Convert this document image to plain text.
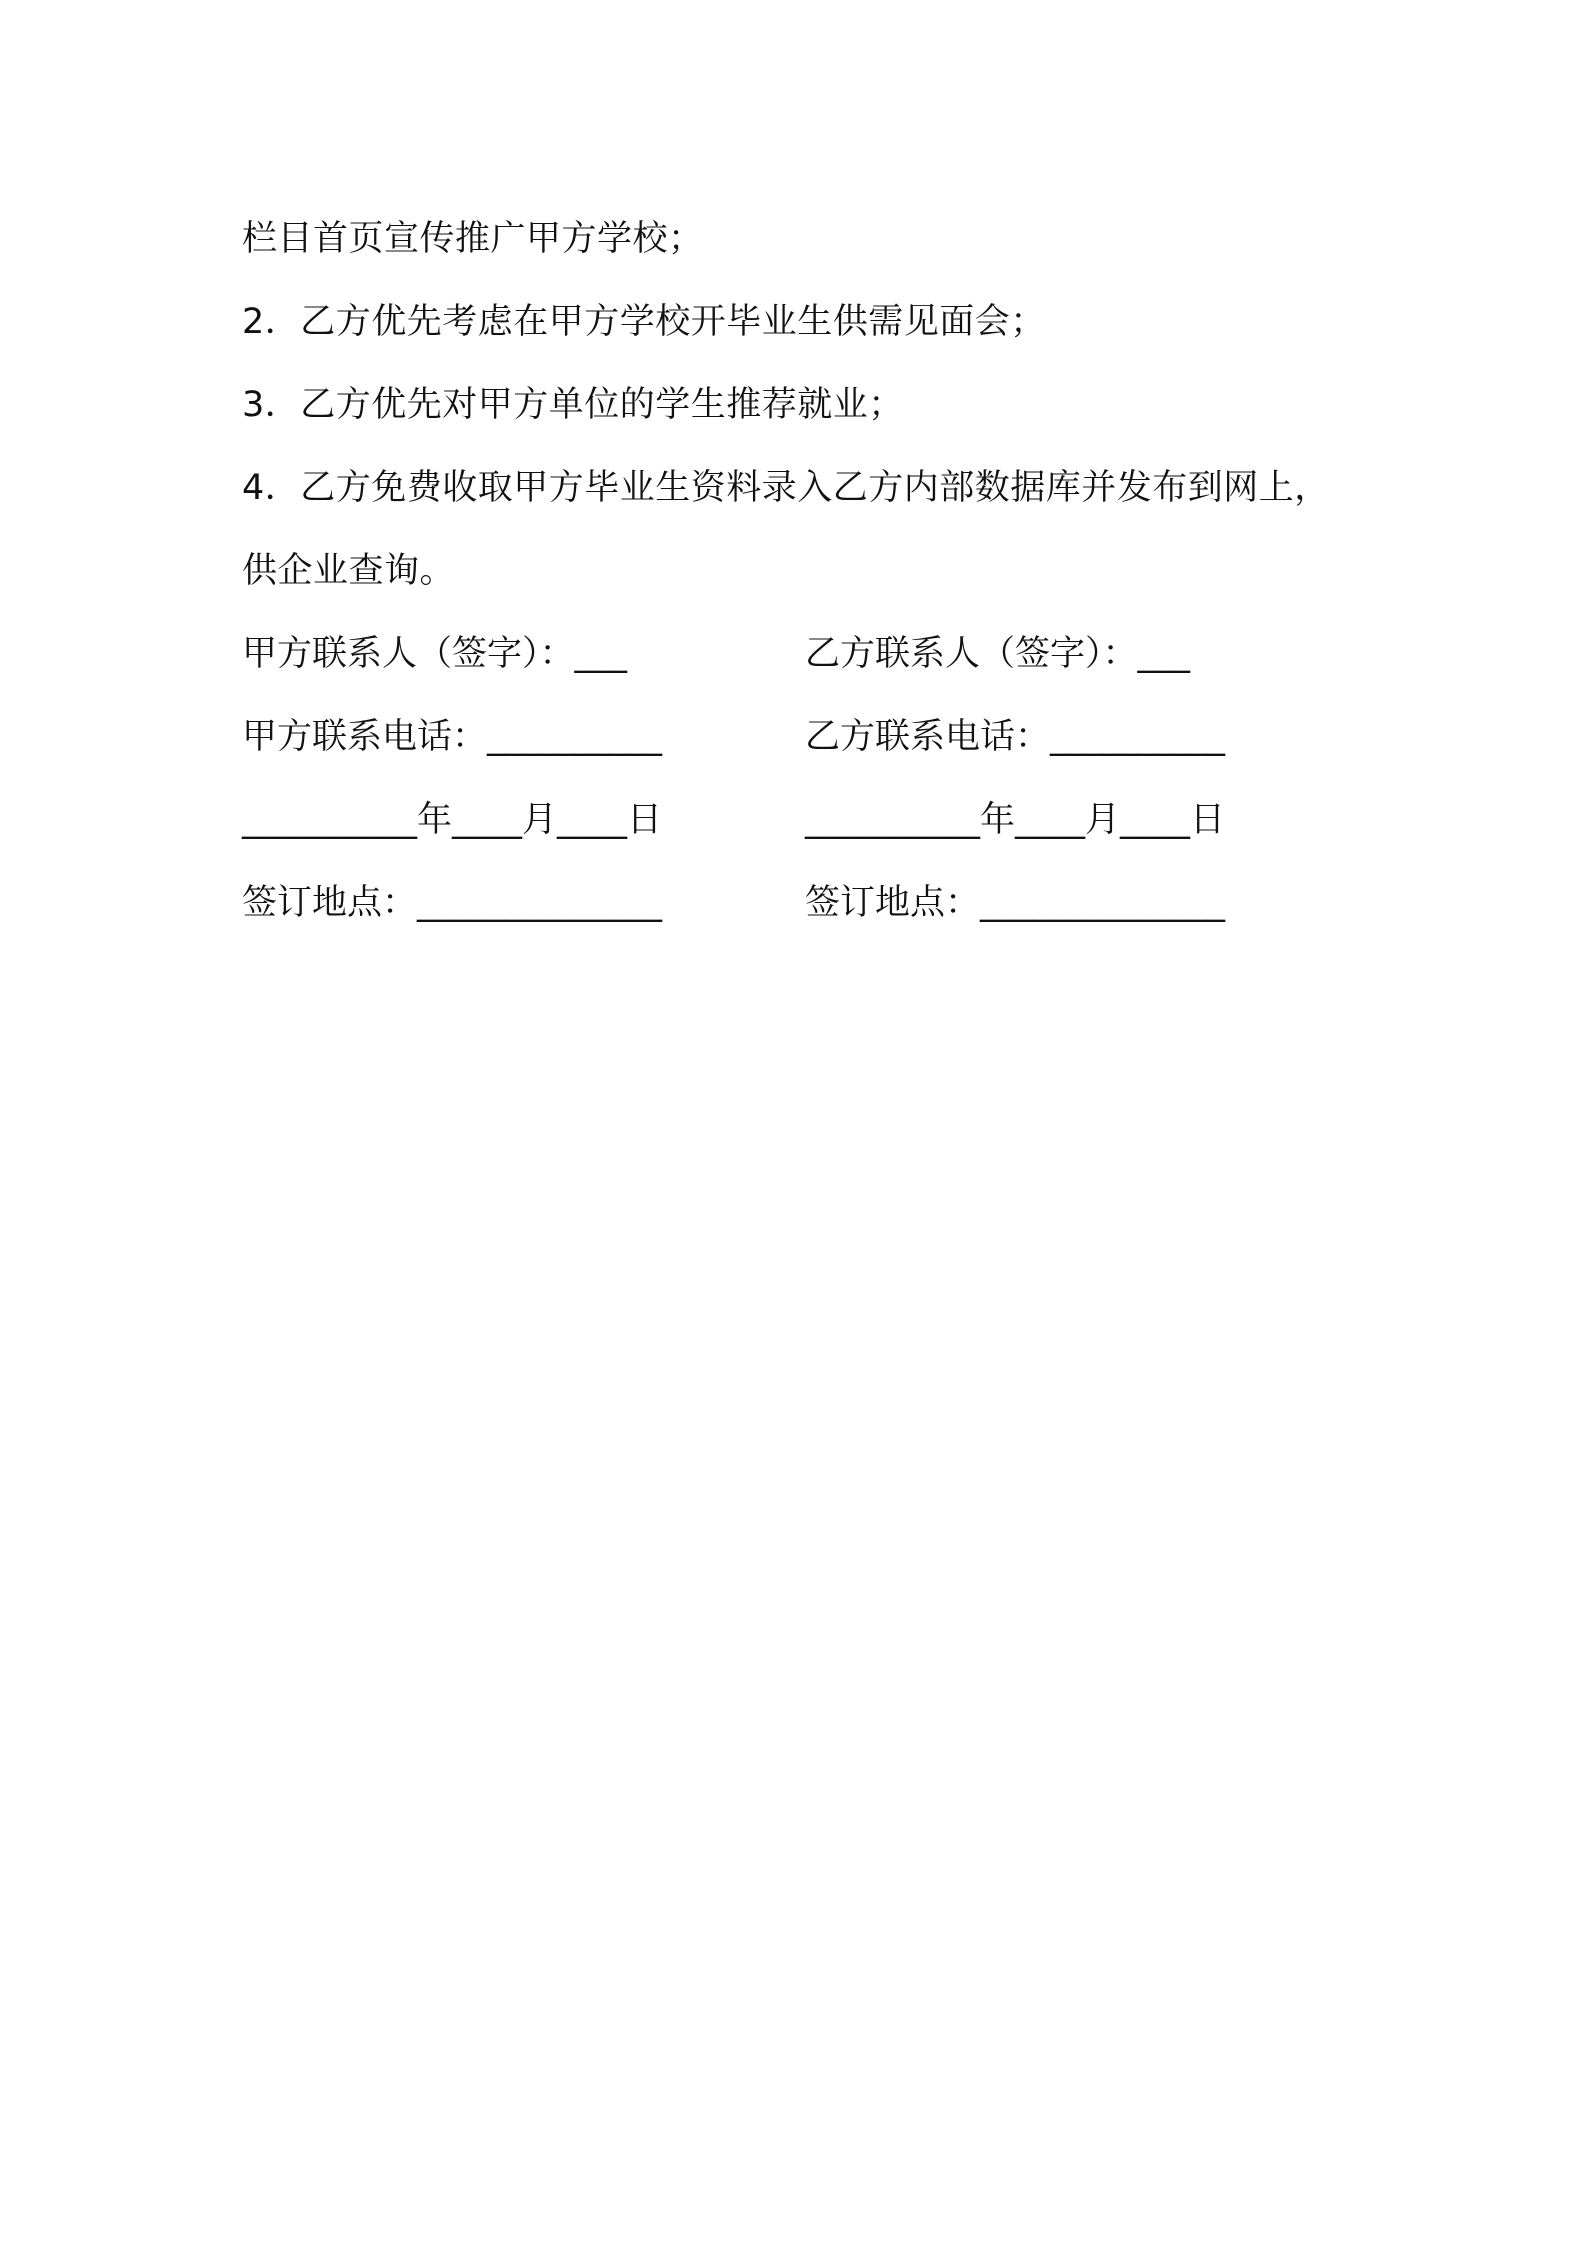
栏目首页宣传推广甲方学校；
2．乙方优先考虑在甲方学校开毕业生供需见面会；
3．乙方优先对甲方单位的学生推荐就业；
4．乙方免费收取甲方毕业生资料录入乙方内部数据库并发布到网上，
供企业查询。
甲方联系人（签字）：___	乙方联系人（签字）：___
甲方联系电话：__________	乙方联系电话：__________
__________年____月____日	__________年____月____日
签订地点：______________	签订地点：______________
